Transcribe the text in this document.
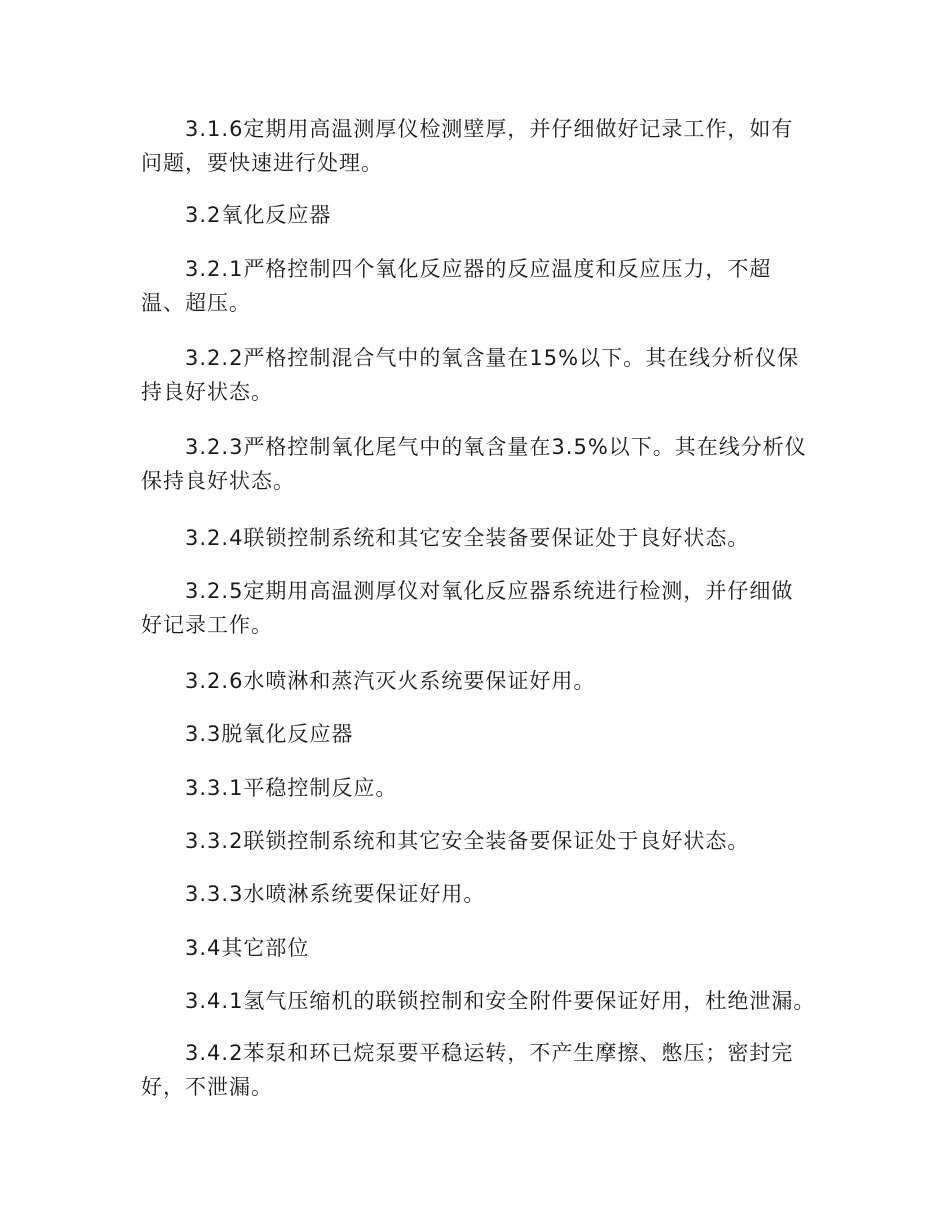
3.1.6定期用高温测厚仪检测壁厚，并仔细做好记录工作，如有问题，要快速进行处理。

3.2氧化反应器

3.2.1严格控制四个氧化反应器的反应温度和反应压力，不超温、超压。

3.2.2严格控制混合气中的氧含量在15%以下。其在线分析仪保持良好状态。

3.2.3严格控制氧化尾气中的氧含量在3.5%以下。其在线分析仪保持良好状态。

3.2.4联锁控制系统和其它安全装备要保证处于良好状态。

3.2.5定期用高温测厚仪对氧化反应器系统进行检测，并仔细做好记录工作。

3.2.6水喷淋和蒸汽灭火系统要保证好用。

3.3脱氧化反应器

3.3.1平稳控制反应。

3.3.2联锁控制系统和其它安全装备要保证处于良好状态。

3.3.3水喷淋系统要保证好用。

3.4其它部位

3.4.1氢气压缩机的联锁控制和安全附件要保证好用，杜绝泄漏。

3.4.2苯泵和环已烷泵要平稳运转，不产生摩擦、憋压；密封完好，不泄漏。
